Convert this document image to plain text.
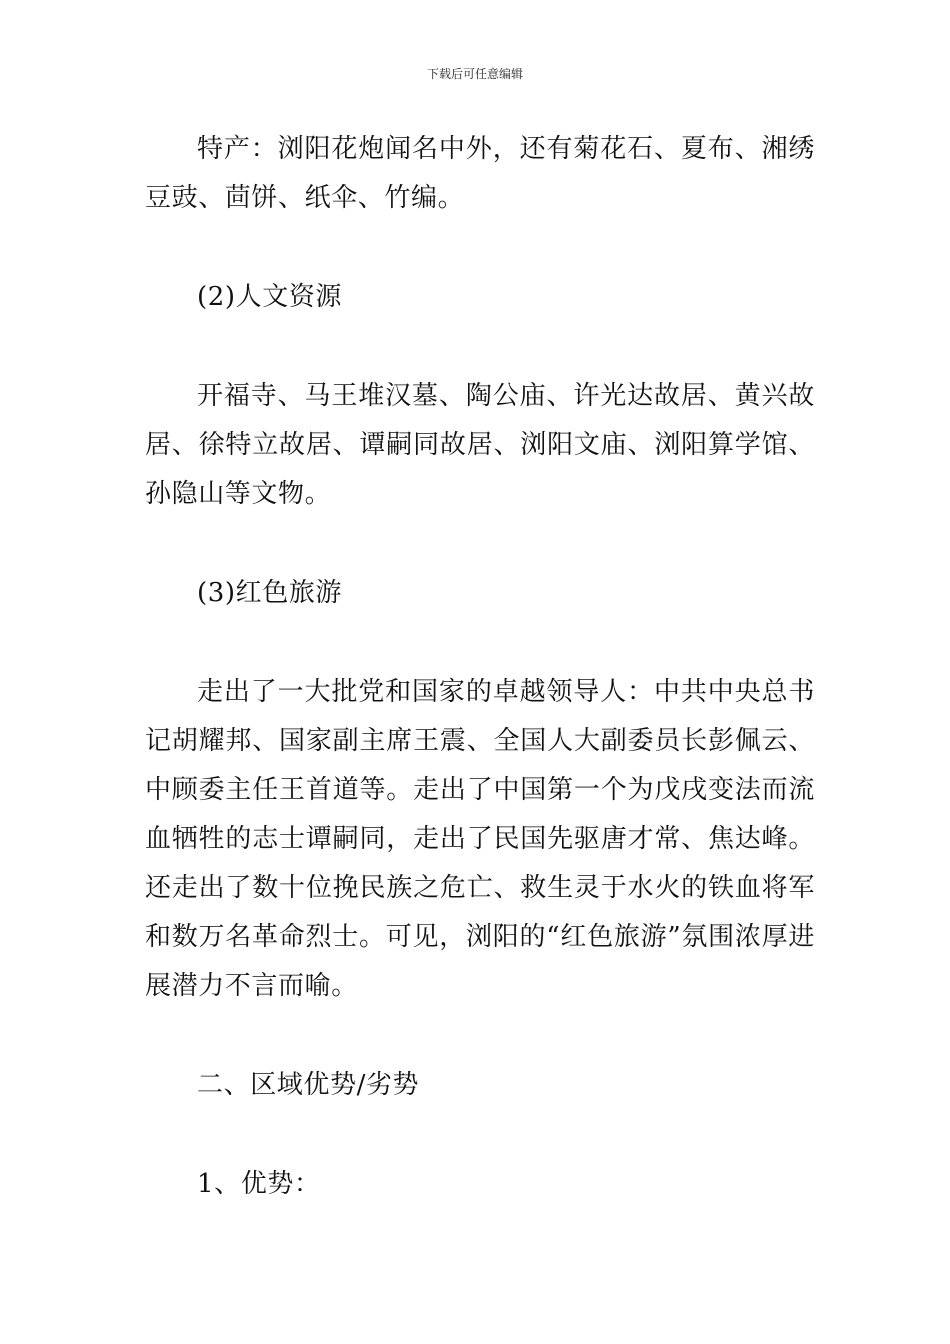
下载后可任意编辑

特产：浏阳花炮闻名中外，还有菊花石、夏布、湘绣豆豉、茴饼、纸伞、竹编。

(2)人文资源

开福寺、马王堆汉墓、陶公庙、许光达故居、黄兴故居、徐特立故居、谭嗣同故居、浏阳文庙、浏阳算学馆、孙隐山等文物。

(3)红色旅游

走出了一大批党和国家的卓越领导人：中共中央总书记胡耀邦、国家副主席王震、全国人大副委员长彭佩云、中顾委主任王首道等。走出了中国第一个为戊戌变法而流血牺牲的志士谭嗣同，走出了民国先驱唐才常、焦达峰。还走出了数十位挽民族之危亡、救生灵于水火的铁血将军和数万名革命烈士。可见，浏阳的“红色旅游”氛围浓厚进展潜力不言而喻。

二、区域优势/劣势

1、优势：
